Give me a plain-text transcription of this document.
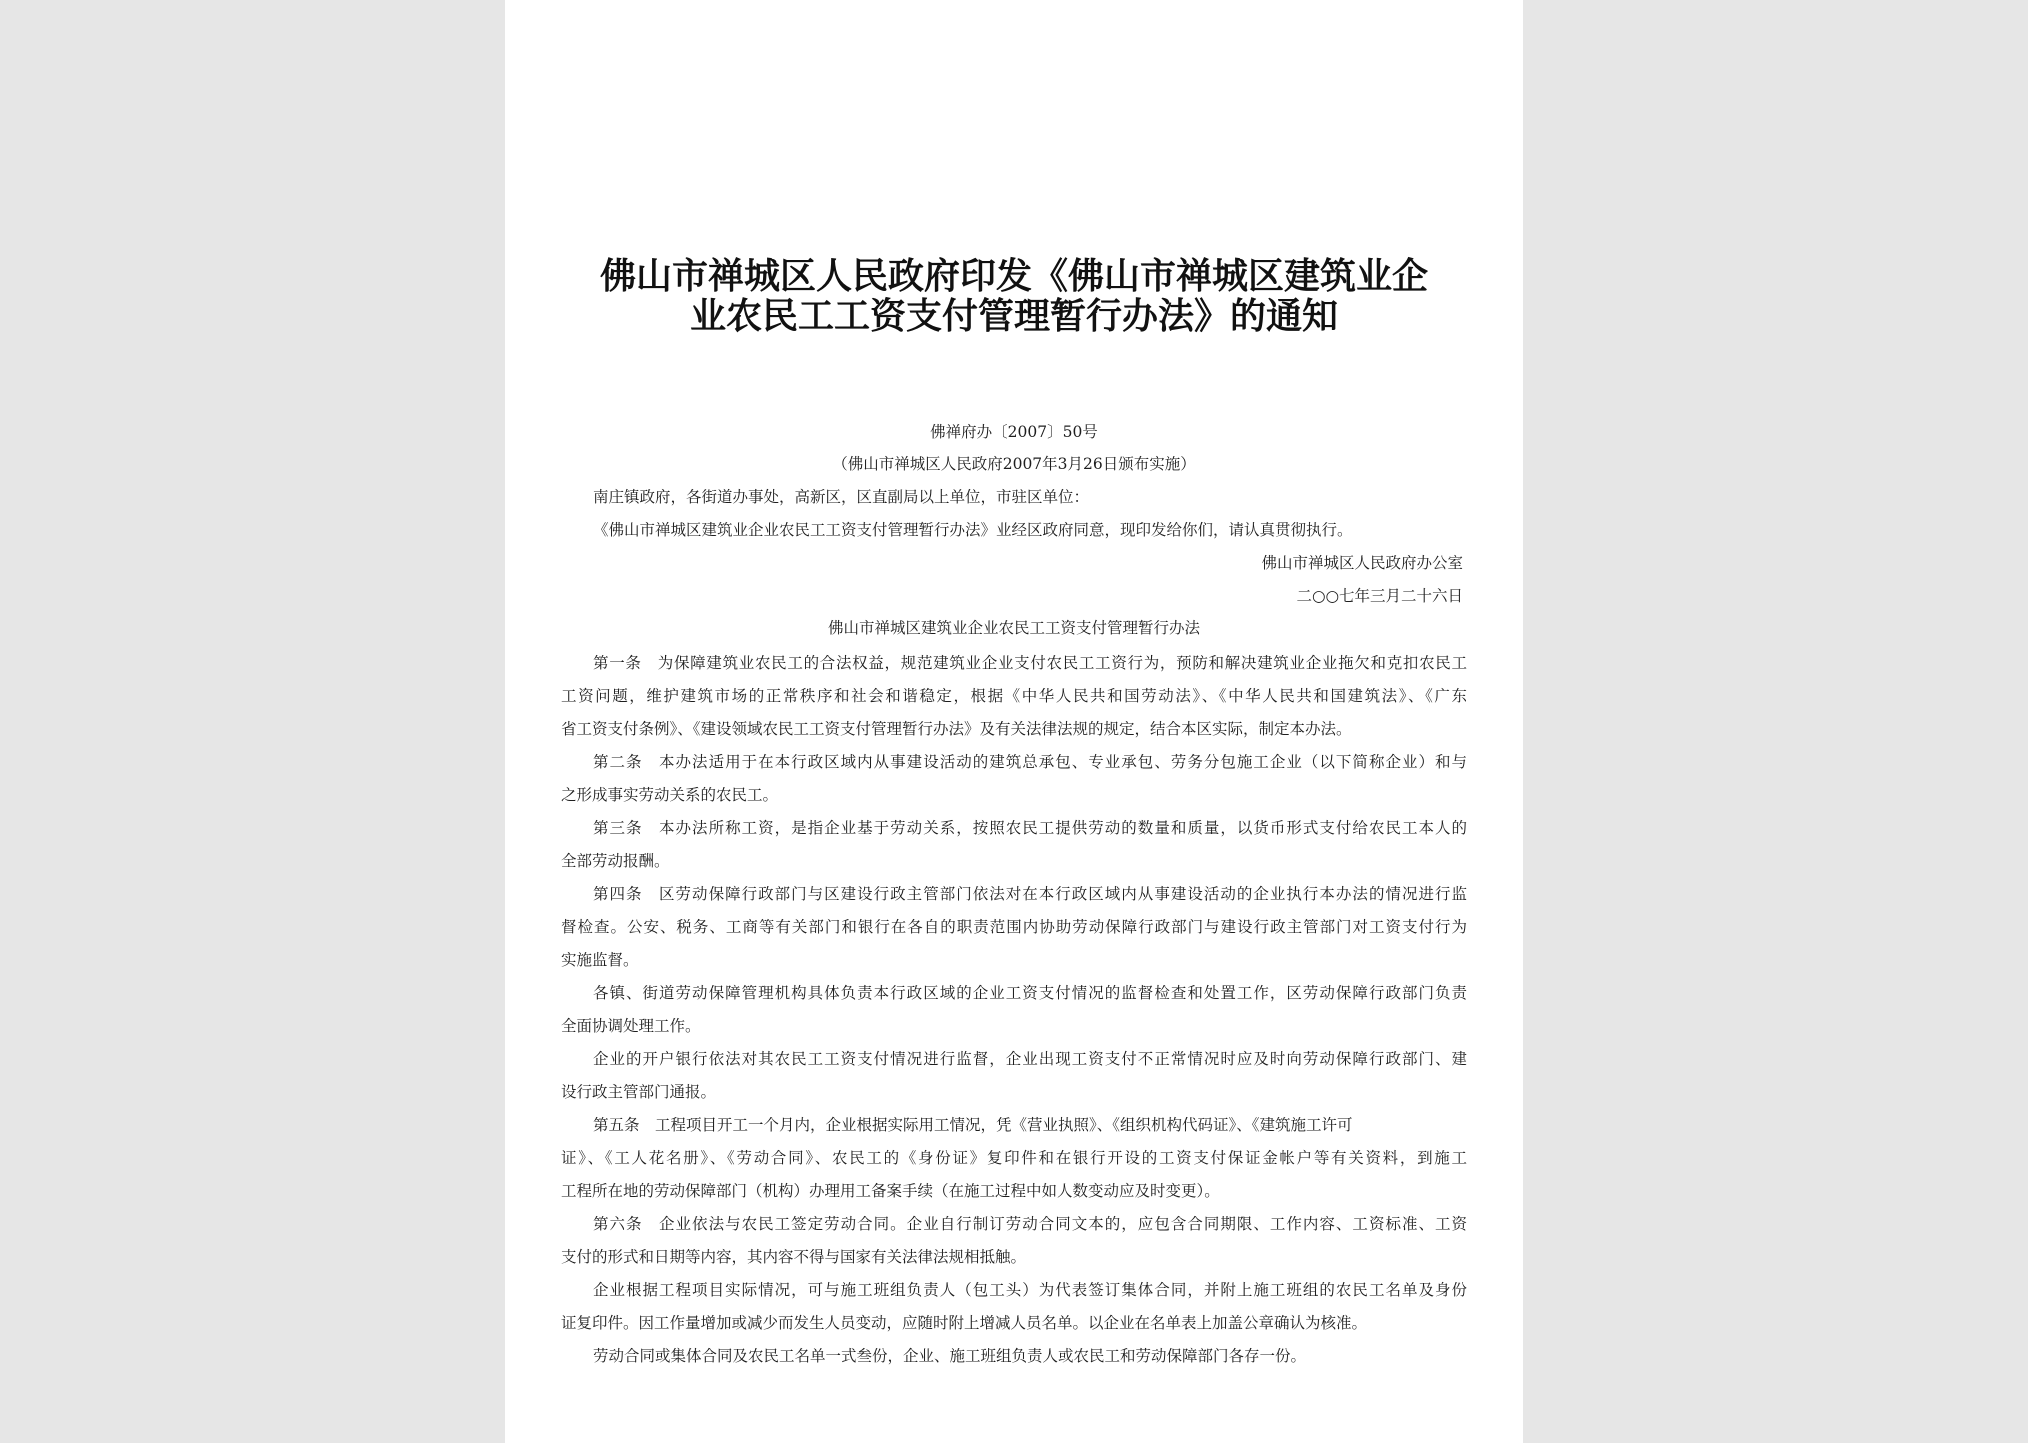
佛山市禅城区人民政府印发《佛山市禅城区建筑业企
业农民工工资支付管理暂行办法》的通知
佛禅府办〔2007〕50号
（佛山市禅城区人民政府2007年3月26日颁布实施）
南庄镇政府，各街道办事处，高新区，区直副局以上单位，市驻区单位：
《佛山市禅城区建筑业企业农民工工资支付管理暂行办法》业经区政府同意，现印发给你们，请认真贯彻执行。
佛山市禅城区人民政府办公室
二○○七年三月二十六日
佛山市禅城区建筑业企业农民工工资支付管理暂行办法
第一条　为保障建筑业农民工的合法权益，规范建筑业企业支付农民工工资行为，预防和解决建筑业企业拖欠和克扣农民工
工资问题，维护建筑市场的正常秩序和社会和谐稳定，根据《中华人民共和国劳动法》、《中华人民共和国建筑法》、《广东
省工资支付条例》、《建设领域农民工工资支付管理暂行办法》及有关法律法规的规定，结合本区实际，制定本办法。
第二条　本办法适用于在本行政区域内从事建设活动的建筑总承包、专业承包、劳务分包施工企业（以下简称企业）和与
之形成事实劳动关系的农民工。
第三条　本办法所称工资，是指企业基于劳动关系，按照农民工提供劳动的数量和质量，以货币形式支付给农民工本人的
全部劳动报酬。
第四条　区劳动保障行政部门与区建设行政主管部门依法对在本行政区域内从事建设活动的企业执行本办法的情况进行监
督检查。公安、税务、工商等有关部门和银行在各自的职责范围内协助劳动保障行政部门与建设行政主管部门对工资支付行为
实施监督。
各镇、街道劳动保障管理机构具体负责本行政区域的企业工资支付情况的监督检查和处置工作，区劳动保障行政部门负责
全面协调处理工作。
企业的开户银行依法对其农民工工资支付情况进行监督，企业出现工资支付不正常情况时应及时向劳动保障行政部门、建
设行政主管部门通报。
第五条　工程项目开工一个月内，企业根据实际用工情况，凭《营业执照》、《组织机构代码证》、《建筑施工许可
证》、《工人花名册》、《劳动合同》、农民工的《身份证》复印件和在银行开设的工资支付保证金帐户等有关资料，到施工
工程所在地的劳动保障部门（机构）办理用工备案手续（在施工过程中如人数变动应及时变更）。
第六条　企业依法与农民工签定劳动合同。企业自行制订劳动合同文本的，应包含合同期限、工作内容、工资标准、工资
支付的形式和日期等内容，其内容不得与国家有关法律法规相抵触。
企业根据工程项目实际情况，可与施工班组负责人（包工头）为代表签订集体合同，并附上施工班组的农民工名单及身份
证复印件。因工作量增加或减少而发生人员变动，应随时附上增减人员名单。以企业在名单表上加盖公章确认为核准。
劳动合同或集体合同及农民工名单一式叁份，企业、施工班组负责人或农民工和劳动保障部门各存一份。
